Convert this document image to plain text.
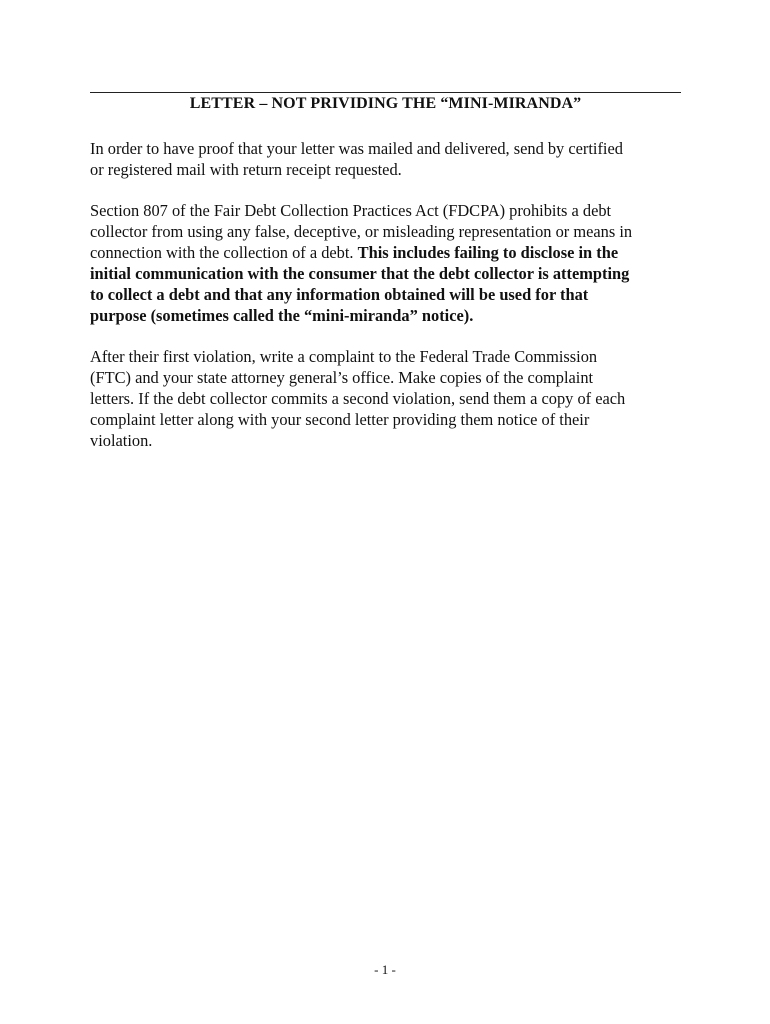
LETTER – NOT PRIVIDING THE “MINI-MIRANDA”

In order to have proof that your letter was mailed and delivered, send by certified
or registered mail with return receipt requested.

Section 807 of the Fair Debt Collection Practices Act (FDCPA) prohibits a debt
collector from using any false, deceptive, or misleading representation or means in
connection with the collection of a debt. This includes failing to disclose in the
initial communication with the consumer that the debt collector is attempting
to collect a debt and that any information obtained will be used for that
purpose (sometimes called the “mini-miranda” notice).

After their first violation, write a complaint to the Federal Trade Commission
(FTC) and your state attorney general’s office. Make copies of the complaint
letters. If the debt collector commits a second violation, send them a copy of each
complaint letter along with your second letter providing them notice of their
violation.

- 1 -
